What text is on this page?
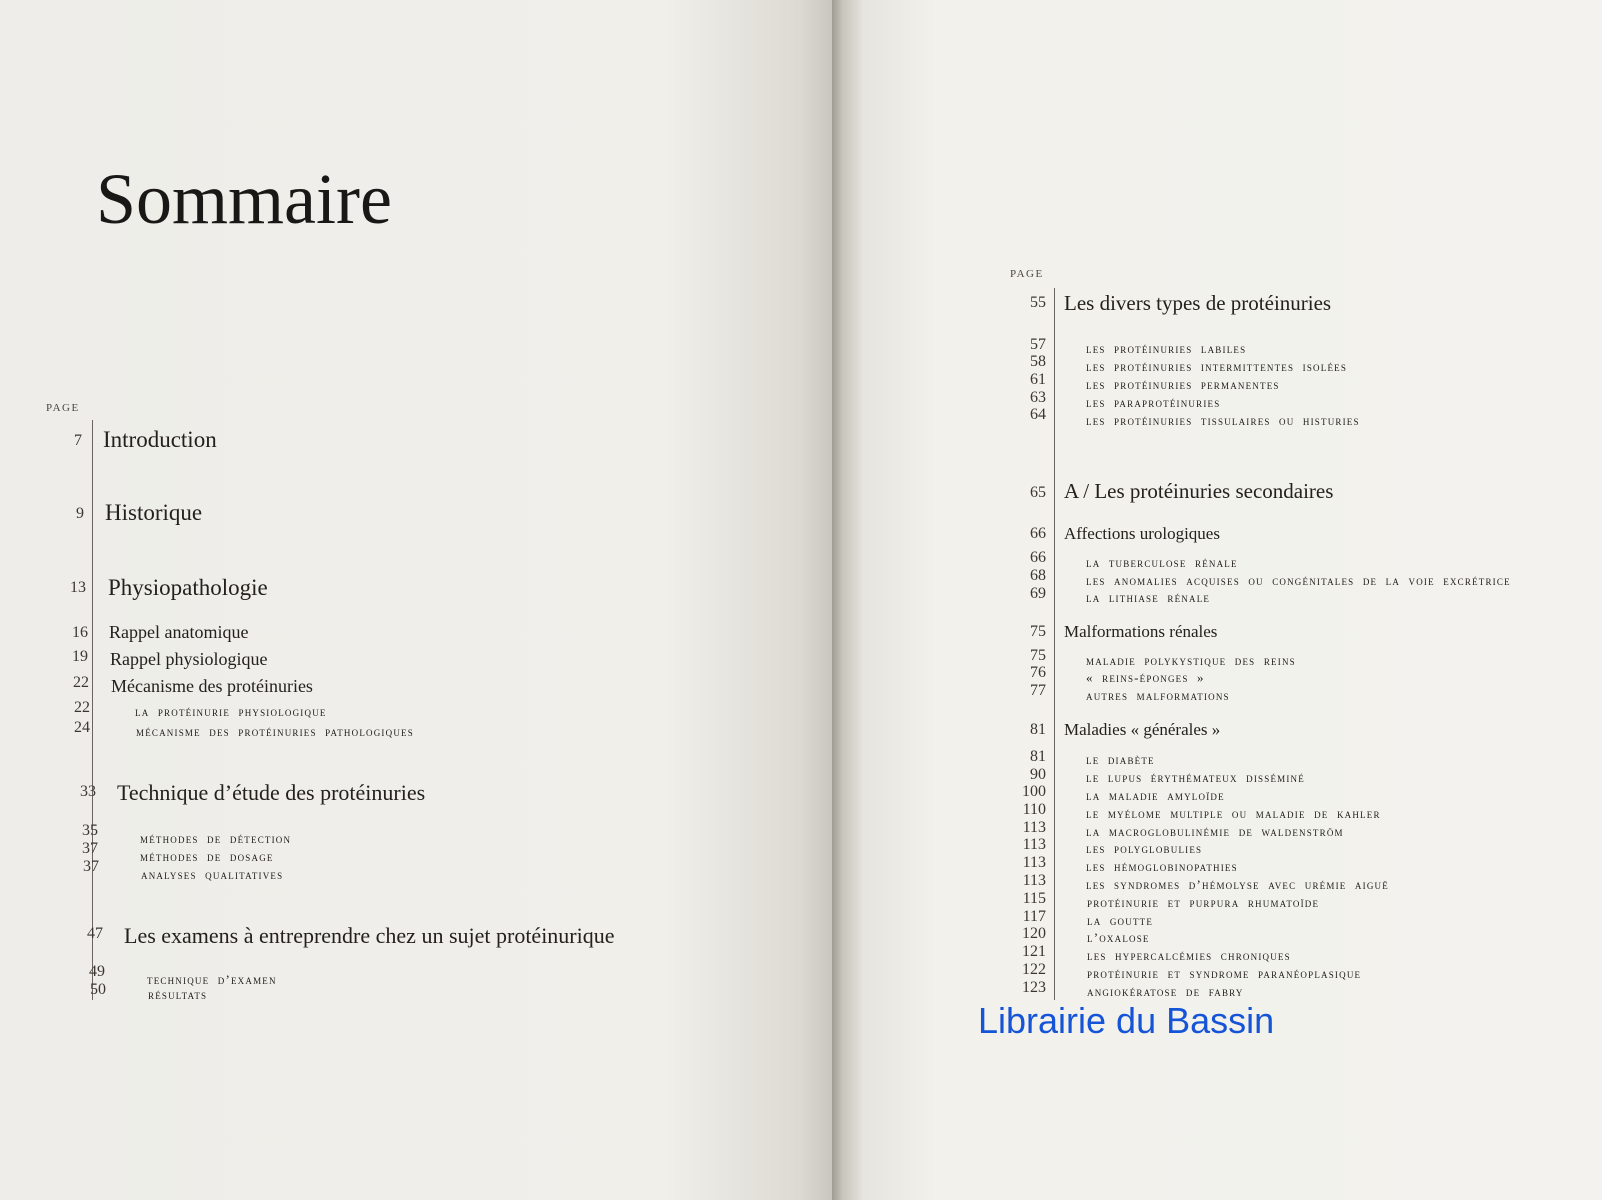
Sommaire
PAGE
7 Introduction
9 Historique
13 Physiopathologie
16 Rappel anatomique
19 Rappel physiologique
22 Mécanisme des protéinuries
22	la protéinurie physiologique
24	mécanisme des protéinuries pathologiques
33 Technique d’étude des protéinuries
35	méthodes de détection
37	méthodes de dosage
37	analyses qualitatives
47 Les examens à entreprendre chez un sujet protéinurique
49	technique d’examen
50	résultats
PAGE
55 Les divers types de protéinuries
57	les protéinuries labiles
58	les protéinuries intermittentes isolées
61	les protéinuries permanentes
63	les paraprotéinuries
64	les protéinuries tissulaires ou histuries
65 A / Les protéinuries secondaires
66 Affections urologiques
66	la tuberculose rénale
68	les anomalies acquises ou congénitales de la voie excrétrice
69	la lithiase rénale
75 Malformations rénales
75	maladie polykystique des reins
76	« reins-éponges »
77	autres malformations
81 Maladies « générales »
81	le diabète
90	le lupus érythémateux disséminé
100	la maladie amyloïde
110	le myélome multiple ou maladie de kahler
113	la macroglobulinémie de waldenström
113	les polyglobulies
113	les hémoglobinopathies
113	les syndromes d’hémolyse avec urémie aiguë
115	protéinurie et purpura rhumatoïde
117	la goutte
120	l’oxalose
121	les hypercalcémies chroniques
122	protéinurie et syndrome paranéoplasique
123	angiokératose de fabry
Librairie du Bassin
